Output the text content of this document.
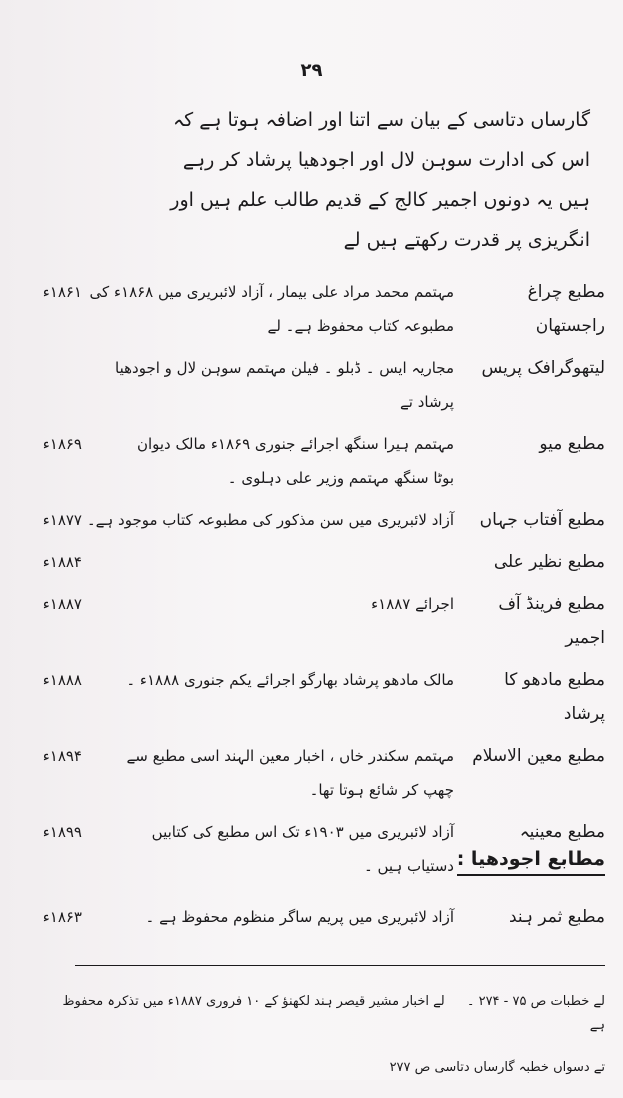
۲۹
گارساں دتاسی کے بیان سے اتنا اور اضافہ ہوتا ہے کہ
اس کی ادارت سوہن لال اور اجودھیا پرشاد کر رہے
ہیں یہ دونوں اجمیر کالج کے قدیم طالب علم ہیں اور
انگریزی پر قدرت رکھتے ہیں لے
مطبع چراغ راجستھان
مہتمم محمد مراد علی بیمار ، آزاد لائبریری میں ۱۸۶۸ء کی
مطبوعہ کتاب محفوظ ہے۔ لے
۱۸۶۱ء
لیتھوگرافک پریس
مجاریہ ایس ۔ ڈبلو ۔ فیلن مہتمم سوہن لال و اجودھیا پرشاد تے
مطبع میو
مہتمم ہیرا سنگھ اجرائے جنوری ۱۸۶۹ء مالک دیوان
بوٹا سنگھ مہتمم وزیر علی دہلوی ۔
۱۸۶۹ء
مطبع آفتاب جہاں
آزاد لائبریری میں سن مذکور کی مطبوعہ کتاب موجود ہے۔
۱۸۷۷ء
مطبع نظیر علی
۱۸۸۴ء
مطبع فرینڈ آف اجمیر
اجرائے ۱۸۸۷ء
۱۸۸۷ء
مطبع مادھو کا پرشاد
مالک مادھو پرشاد بھارگو اجرائے یکم جنوری ۱۸۸۸ء ۔
۱۸۸۸ء
مطبع معین الاسلام
مہتمم سکندر خاں ، اخبار معین الہند اسی مطبع سے
چھپ کر شائع ہوتا تھا۔
۱۸۹۴ء
مطبع معینیہ
آزاد لائبریری میں ۱۹۰۳ء تک اس مطبع کی کتابیں
دستیاب ہیں ۔
۱۸۹۹ء
مطابع اجودھیا :
مطبع ثمر ہند
آزاد لائبریری میں پریم ساگر منظوم محفوظ ہے ۔
۱۸۶۳ء
لے خطبات ص ۷۵ - ۲۷۴ ۔ لے اخبار مشیر قیصر ہند لکھنؤ کے ۱۰ فروری ۱۸۸۷ء میں تذکرہ محفوظ ہے
تے دسواں خطبہ گارساں دتاسی ص ۲۷۷
